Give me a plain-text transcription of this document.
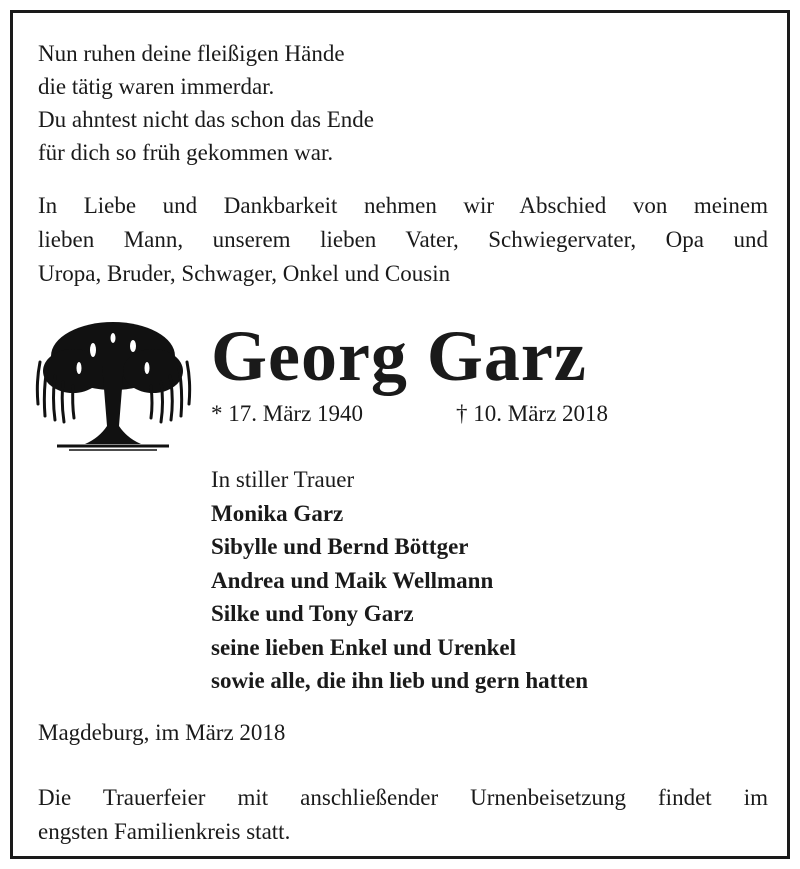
Nun ruhen deine fleißigen Hände
die tätig waren immerdar.
Du ahntest nicht das schon das Ende
für dich so früh gekommen war.
In Liebe und Dankbarkeit nehmen wir Abschied von meinem
lieben Mann, unserem lieben Vater, Schwiegervater, Opa und
Uropa, Bruder, Schwager, Onkel und Cousin
Georg Garz
* 17. März 1940	† 10. März 2018
In stiller Trauer
Monika Garz
Sibylle und Bernd Böttger
Andrea und Maik Wellmann
Silke und Tony Garz
seine lieben Enkel und Urenkel
sowie alle, die ihn lieb und gern hatten
Magdeburg, im März 2018
Die Trauerfeier mit anschließender Urnenbeisetzung findet im
engsten Familienkreis statt.
